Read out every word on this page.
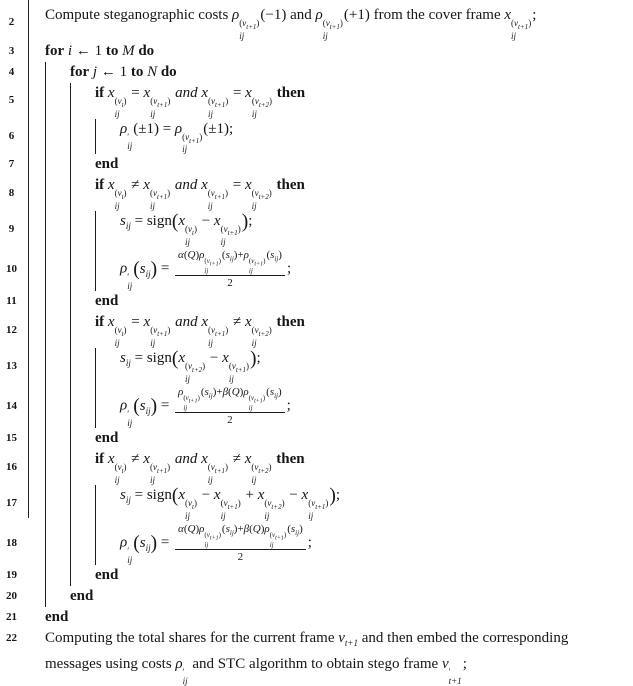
2	Compute steganographic costs ρ $(v_{t+1})$
ij
(−1) and ρ $(v_{t+1})$
ij
(+1) from the cover frame x $(v_{t+1})$
ij
;
3	for i ← 1 to M do
4	for j ← 1 to N do
5	if x $(v_t)$
ij
= x $(v_{t+1})$
ij
and x $(v_{t+1})$
ij
= x $(v_{t+2})$
ij
then
6	ρ ′
ij
(±1) = ρ $(v_{t+1})$
ij
(±1);
7	end
8	if x $(v_t)$
ij
≠ x $(v_{t+1})$
ij
and x $(v_{t+1})$
ij
= x $(v_{t+2})$
ij
then
9	$s_{ij}$ = sign(x $(v_t)$
ij
− x $(v_{t+1})$
ij
);
10	ρ ′
ij
$(s_{ij}) = \alpha(Q)\rho$ $(v_{t+1})$
ij
$(s_{ij})+\rho$ $(v_{t+1})$
ij
$(s_{ij})$
2 ;
11	end
12	if x $(v_t)$
ij
= x $(v_{t+1})$
ij
and x $(v_{t+1})$
ij
≠ x $(v_{t+2})$
ij
then
13	$s_{ij}$ = sign(x $(v_{t+2})$
ij
− x $(v_{t+1})$
ij
);
14	ρ ′
ij
$(s_{ij}) = \rho$ $(v_{t+1})$
ij
$(s_{ij})+\beta(Q)\rho$ $(v_{t+1})$
ij
$(s_{ij})$
2 ;
15	end
16	if x $(v_t)$
ij
≠ x $(v_{t+1})$
ij
and x $(v_{t+1})$
ij
≠ x $(v_{t+2})$
ij
then
17	$s_{ij}$ = sign(x $(v_t)$
ij
− x $(v_{t+1})$
ij
+ x $(v_{t+2})$
ij
− x $(v_{t+1})$
ij
);
18	ρ ′
ij
$(s_{ij}) = \alpha(Q)\rho$ $(v_{t+1})$
ij
$(s_{ij})+\beta(Q)\rho$ $(v_{t+1})$
ij
$(s_{ij})$
2 ;
19	end
20	end
21	end
22	Computing the total shares for the current frame $v_{t+1}$ and then embed the corresponding
messages using costs ρ ′
ij
and STC algorithm to obtain stego frame v ′
t+1
;
